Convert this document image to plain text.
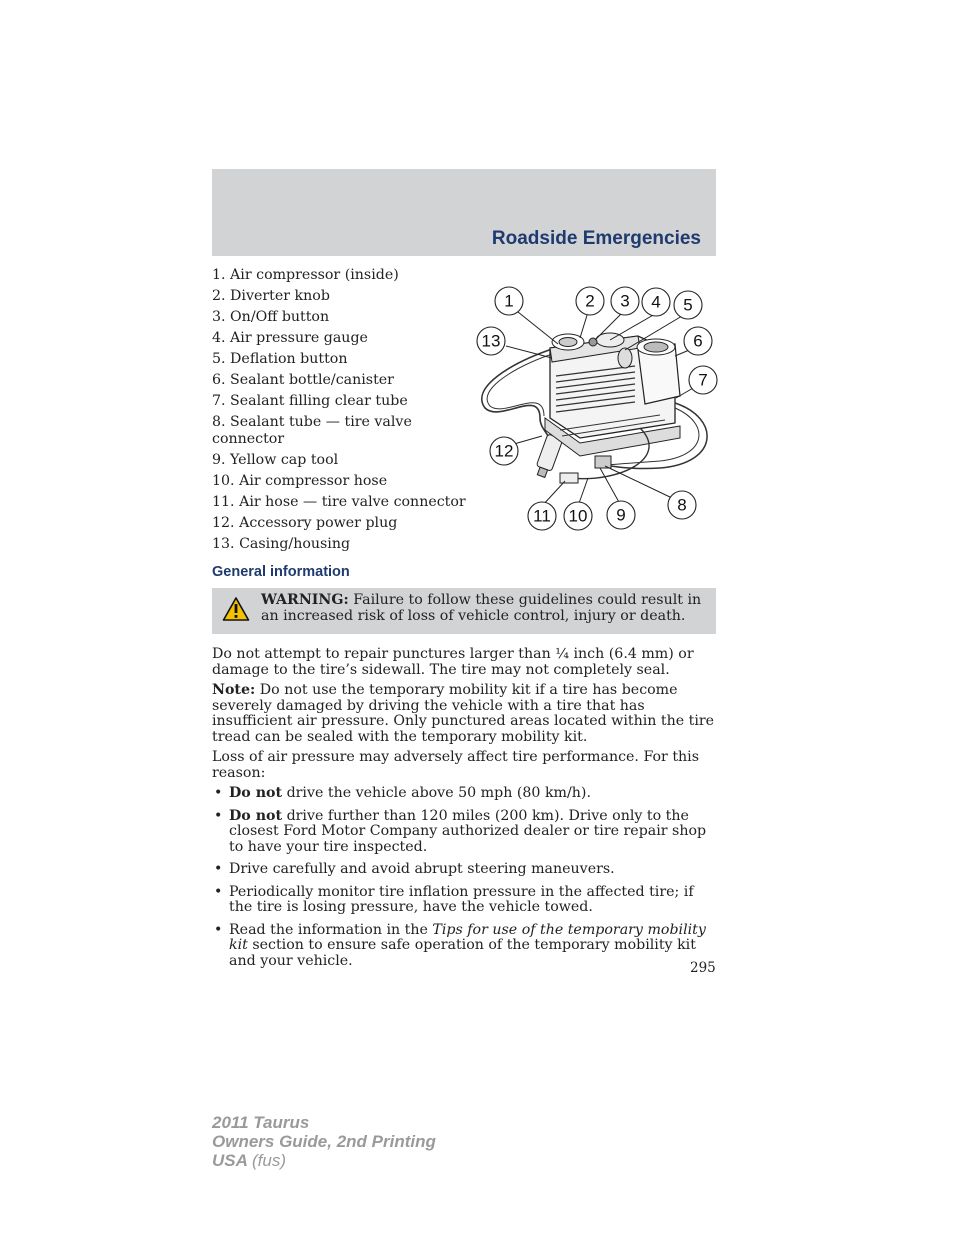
Roadside Emergencies
1. Air compressor (inside)
2. Diverter knob
3. On/Off button
4. Air pressure gauge
5. Deflation button
6. Sealant bottle/canister
7. Sealant filling clear tube
8. Sealant tube — tire valve connector
9. Yellow cap tool
10. Air compressor hose
11. Air hose — tire valve connector
12. Accessory power plug
13. Casing/housing
1	2 3 4 5
6
7
8
9
10
11
12
13
General information
WARNING: Failure to follow these guidelines could result in an increased risk of loss of vehicle control, injury or death.

Do not attempt to repair punctures larger than ¼ inch (6.4 mm) or damage to the tire’s sidewall. The tire may not completely seal.

Note: Do not use the temporary mobility kit if a tire has become severely damaged by driving the vehicle with a tire that has insufficient air pressure. Only punctured areas located within the tire tread can be sealed with the temporary mobility kit.

Loss of air pressure may adversely affect tire performance. For this reason:

• Do not drive the vehicle above 50 mph (80 km/h).
• Do not drive further than 120 miles (200 km). Drive only to the closest Ford Motor Company authorized dealer or tire repair shop to have your tire inspected.
• Drive carefully and avoid abrupt steering maneuvers.
• Periodically monitor tire inflation pressure in the affected tire; if the tire is losing pressure, have the vehicle towed.
• Read the information in the Tips for use of the temporary mobility kit section to ensure safe operation of the temporary mobility kit and your vehicle.	295
2011 Taurus
Owners Guide, 2nd Printing
USA (fus)
